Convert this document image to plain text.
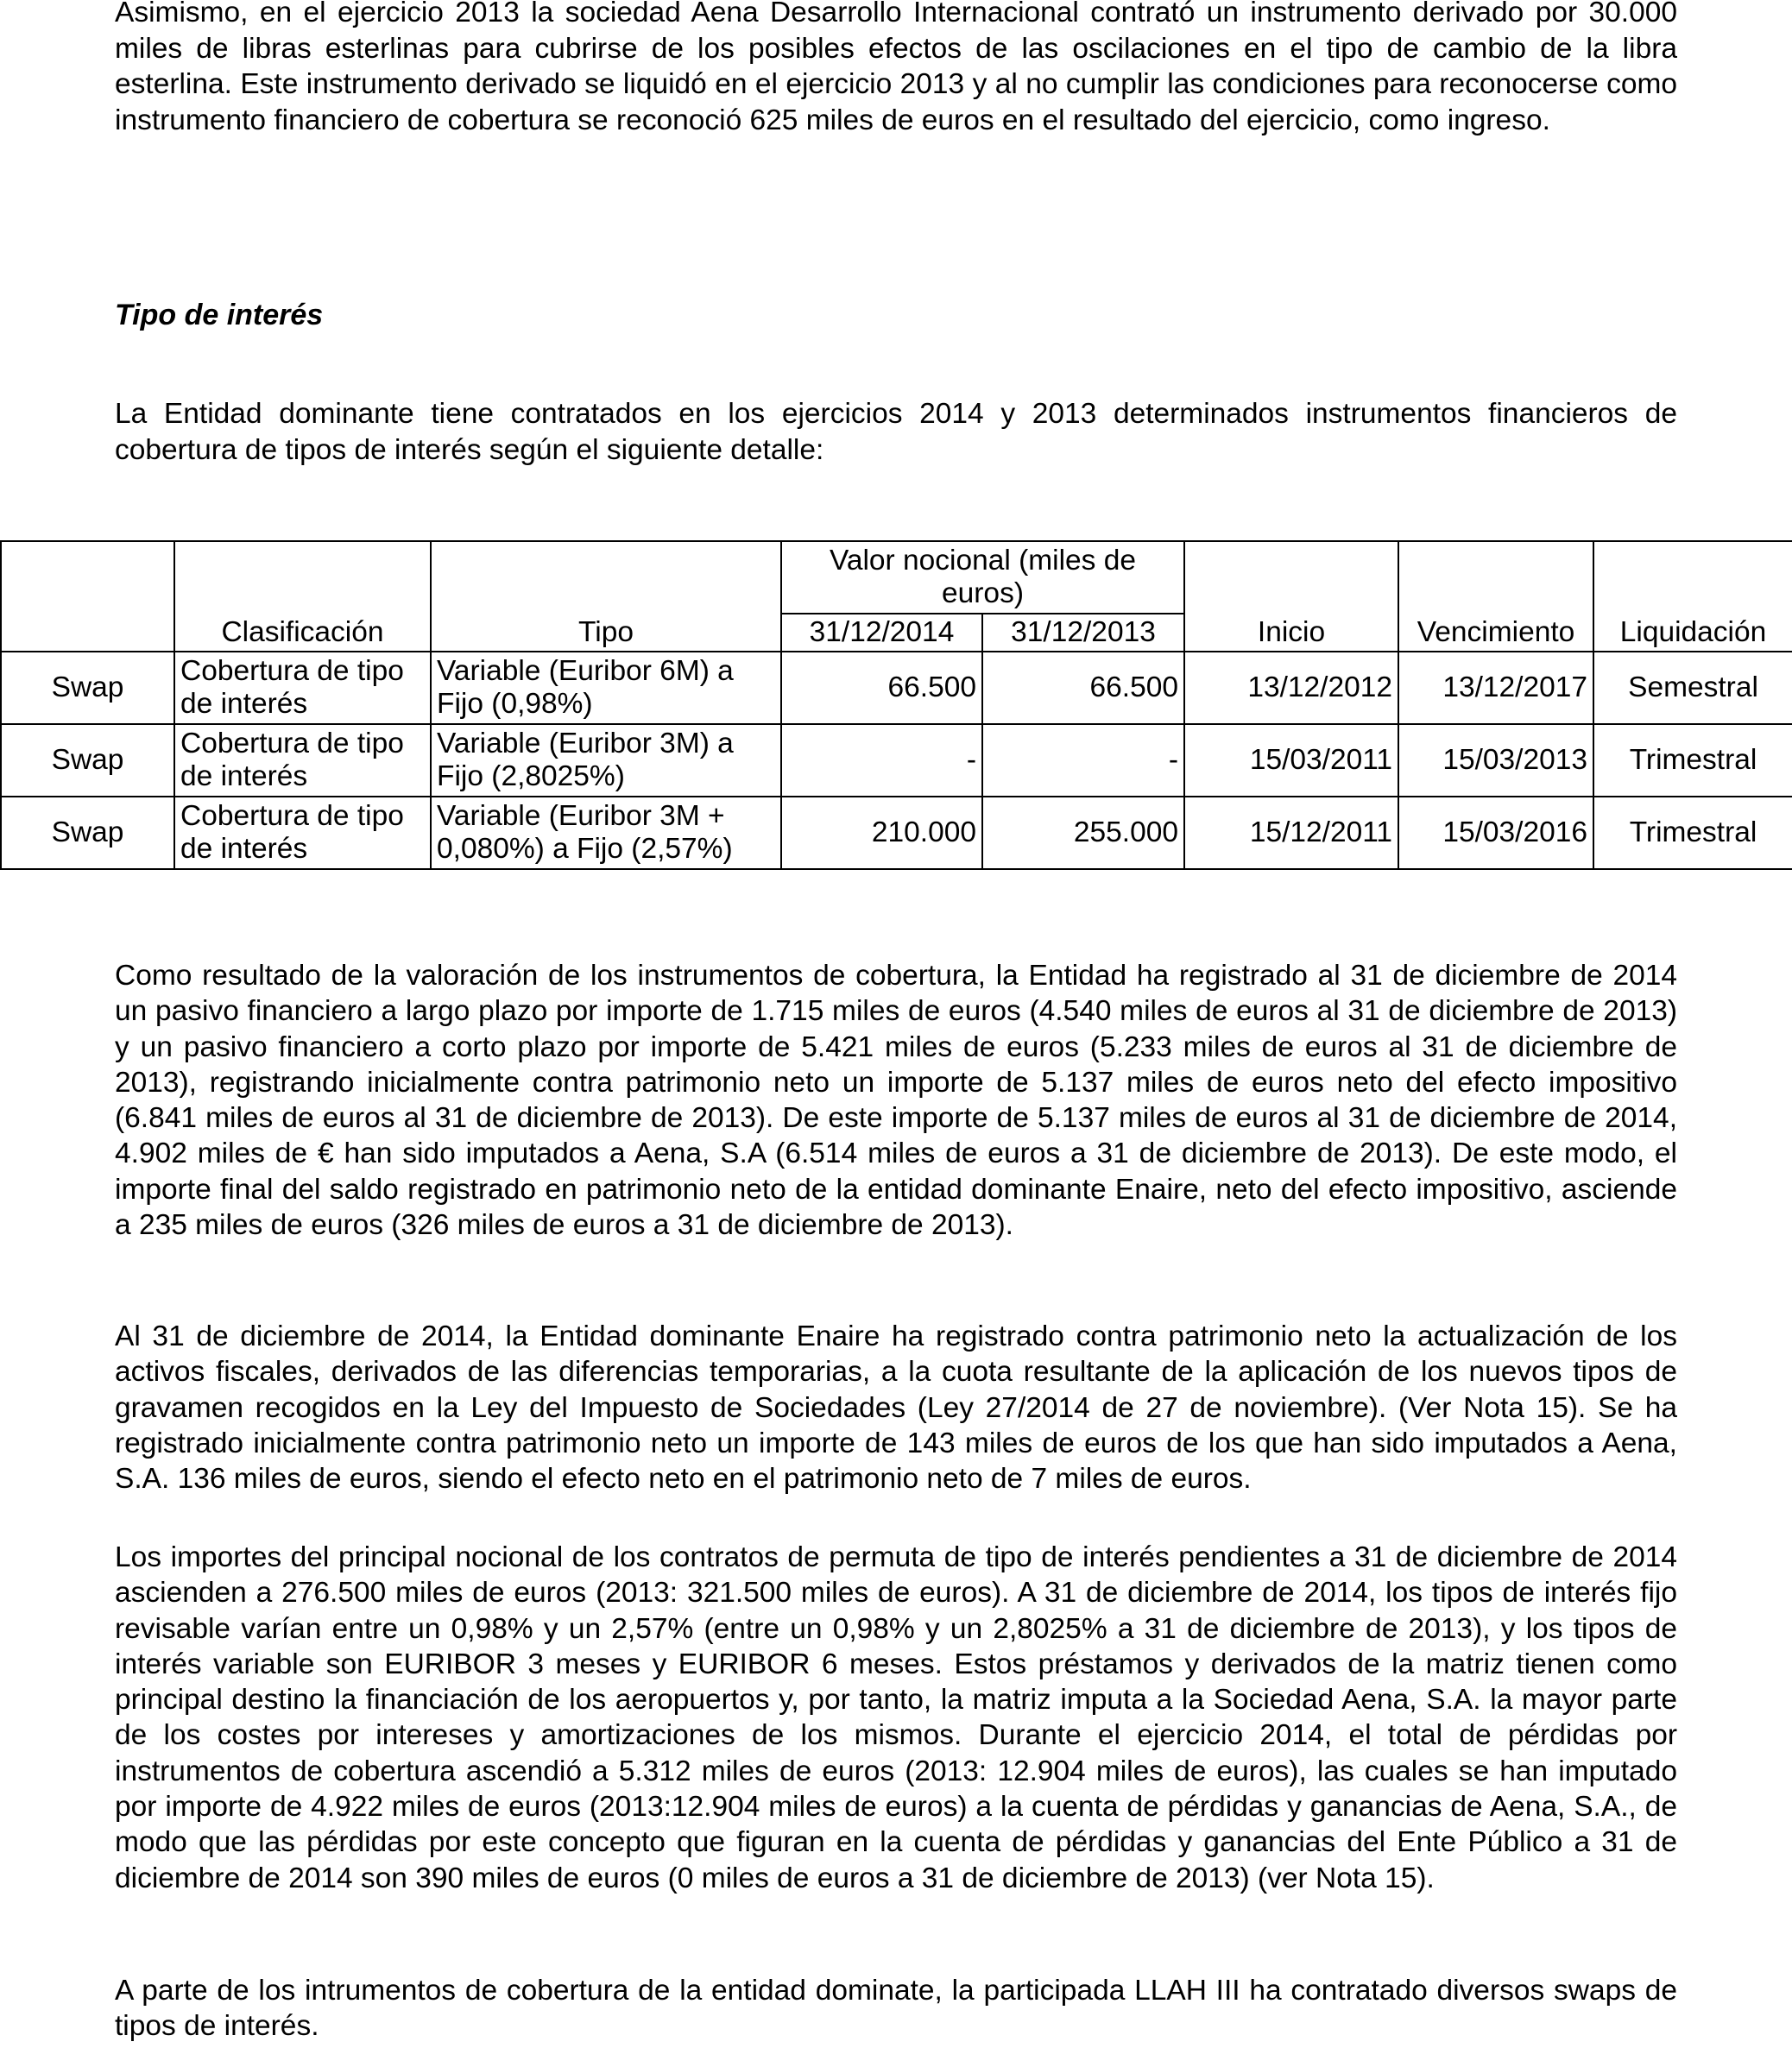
Asimismo, en el ejercicio 2013 la sociedad Aena Desarrollo Internacional contrató un instrumento derivado por 30.000 miles de libras esterlinas para cubrirse de los posibles efectos de las oscilaciones en el tipo de cambio de la libra esterlina. Este instrumento derivado se liquidó en el ejercicio 2013 y al no cumplir las condiciones para reconocerse como instrumento financiero de cobertura se reconoció 625 miles de euros en el resultado del ejercicio, como ingreso.

Tipo de interés

La Entidad dominante tiene contratados en los ejercicios 2014 y 2013 determinados instrumentos financieros de cobertura de tipos de interés según el siguiente detalle:

			Valor nocional (miles de euros)				
	Clasificación	Tipo	31/12/2014	31/12/2013	Inicio	Vencimiento	Liquidación
Swap	Cobertura de tipo de interés	Variable (Euribor 6M) a Fijo (0,98%)	66.500	66.500	13/12/2012	13/12/2017	Semestral
Swap	Cobertura de tipo de interés	Variable (Euribor 3M) a Fijo (2,8025%)	-	-	15/03/2011	15/03/2013	Trimestral
Swap	Cobertura de tipo de interés	Variable (Euribor 3M + 0,080%) a Fijo (2,57%)	210.000	255.000	15/12/2011	15/03/2016	Trimestral

Como resultado de la valoración de los instrumentos de cobertura, la Entidad ha registrado al 31 de diciembre de 2014 un pasivo financiero a largo plazo por importe de 1.715 miles de euros (4.540 miles de euros al 31 de diciembre de 2013) y un pasivo financiero a corto plazo por importe de 5.421 miles de euros (5.233 miles de euros al 31 de diciembre de 2013), registrando inicialmente contra patrimonio neto un importe de 5.137 miles de euros neto del efecto impositivo (6.841 miles de euros al 31 de diciembre de 2013). De este importe de 5.137 miles de euros al 31 de diciembre de 2014, 4.902 miles de € han sido imputados a Aena, S.A (6.514 miles de euros a 31 de diciembre de 2013). De este modo, el importe final del saldo registrado en patrimonio neto de la entidad dominante Enaire, neto del efecto impositivo, asciende a 235 miles de euros (326 miles de euros a 31 de diciembre de 2013).

Al 31 de diciembre de 2014, la Entidad dominante Enaire ha registrado contra patrimonio neto la actualización de los activos fiscales, derivados de las diferencias temporarias, a la cuota resultante de la aplicación de los nuevos tipos de gravamen recogidos en la Ley del Impuesto de Sociedades (Ley 27/2014 de 27 de noviembre). (Ver Nota 15). Se ha registrado inicialmente contra patrimonio neto un importe de 143 miles de euros de los que han sido imputados a Aena, S.A. 136 miles de euros, siendo el efecto neto en el patrimonio neto de 7 miles de euros.

Los importes del principal nocional de los contratos de permuta de tipo de interés pendientes a 31 de diciembre de 2014 ascienden a 276.500 miles de euros (2013: 321.500 miles de euros). A 31 de diciembre de 2014, los tipos de interés fijo revisable varían entre un 0,98% y un 2,57% (entre un 0,98% y un 2,8025% a 31 de diciembre de 2013), y los tipos de interés variable son EURIBOR 3 meses y EURIBOR 6 meses. Estos préstamos y derivados de la matriz tienen como principal destino la financiación de los aeropuertos y, por tanto, la matriz imputa a la Sociedad Aena, S.A. la mayor parte de los costes por intereses y amortizaciones de los mismos. Durante el ejercicio 2014, el total de pérdidas por instrumentos de cobertura ascendió a 5.312 miles de euros (2013: 12.904 miles de euros), las cuales se han imputado por importe de 4.922 miles de euros (2013:12.904 miles de euros) a la cuenta de pérdidas y ganancias de Aena, S.A., de modo que las pérdidas por este concepto que figuran en la cuenta de pérdidas y ganancias del Ente Público a 31 de diciembre de 2014 son 390 miles de euros (0 miles de euros a 31 de diciembre de 2013) (ver Nota 15).

A parte de los intrumentos de cobertura de la entidad dominate, la participada LLAH III ha contratado diversos swaps de tipos de interés.
